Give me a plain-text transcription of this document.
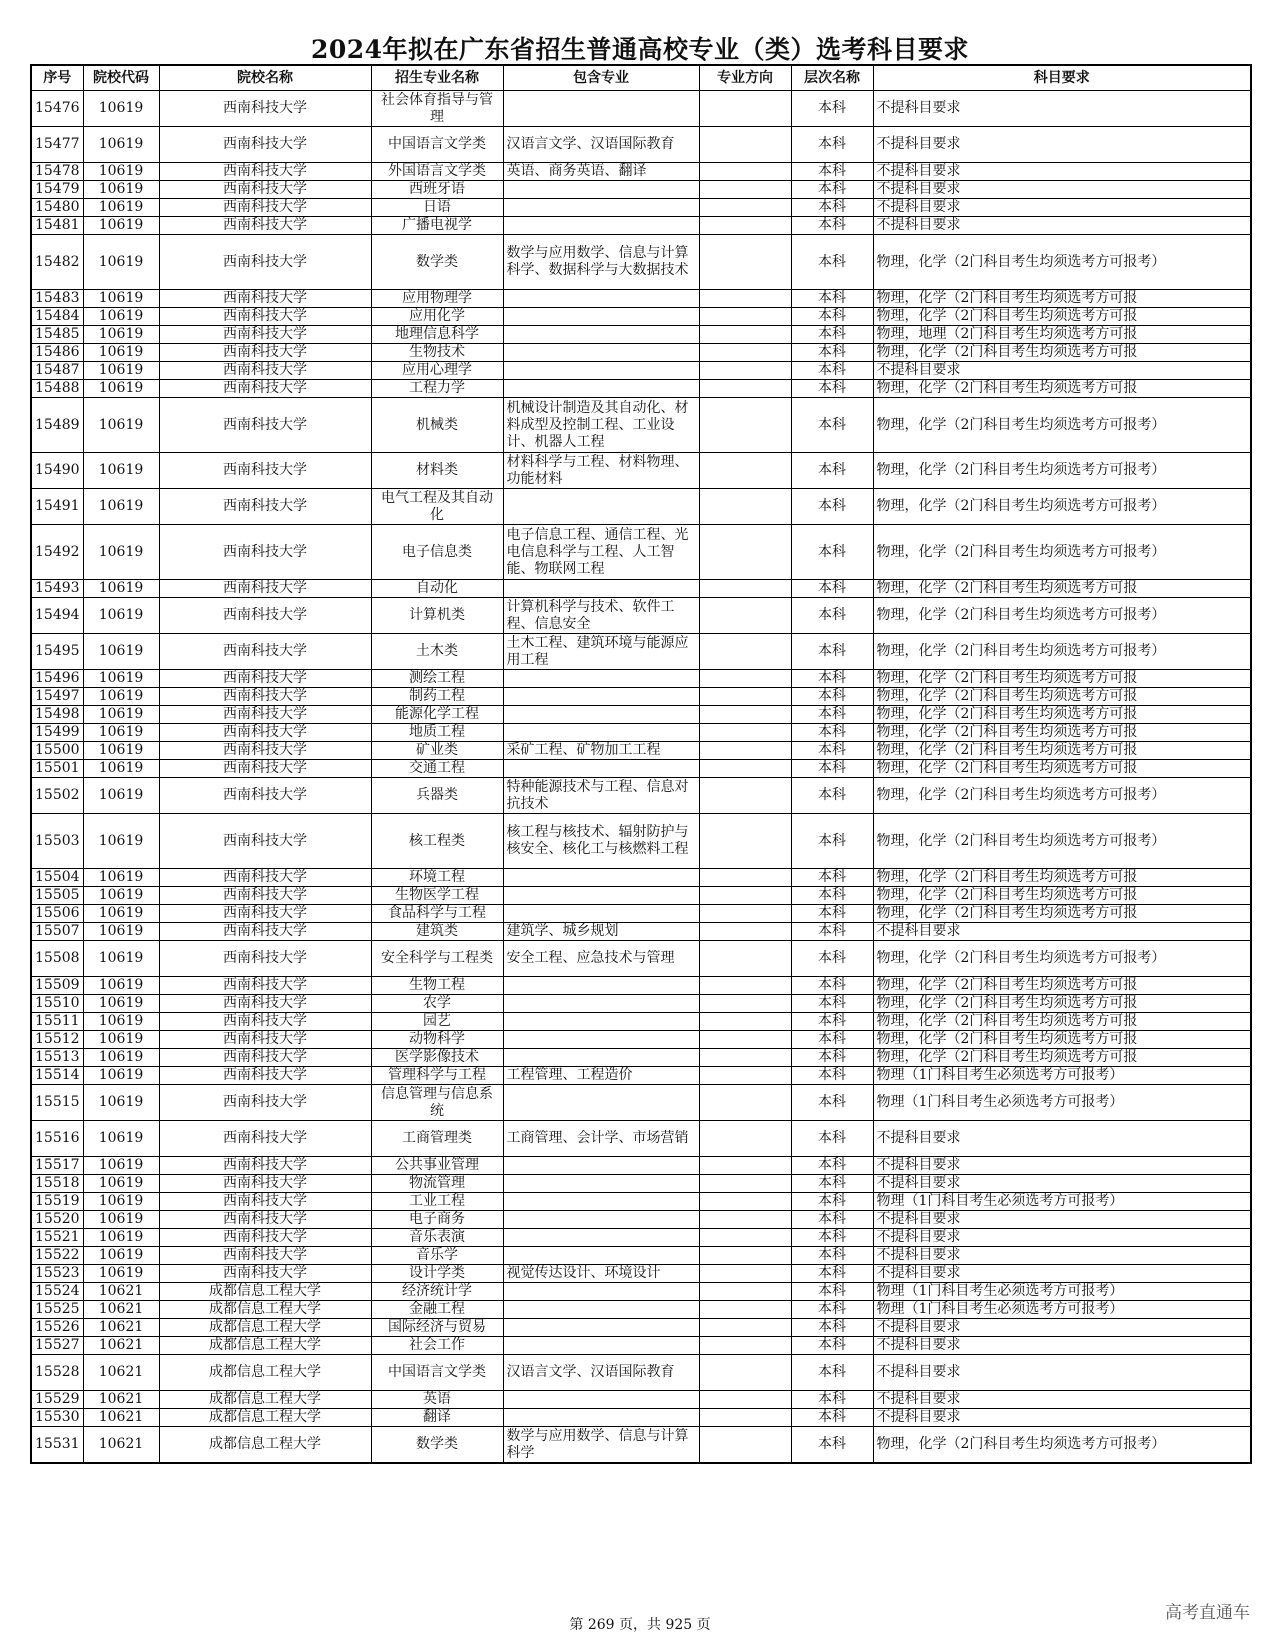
2024年拟在广东省招生普通高校专业（类）选考科目要求
序号	院校代码	院校名称	招生专业名称	包含专业	专业方向	层次名称	科目要求
15476	10619	西南科技大学	社会体育指导与管理			本科	不提科目要求
15477	10619	西南科技大学	中国语言文学类	汉语言文学、汉语国际教育		本科	不提科目要求
15478	10619	西南科技大学	外国语言文学类	英语、商务英语、翻译		本科	不提科目要求
15479	10619	西南科技大学	西班牙语			本科	不提科目要求
15480	10619	西南科技大学	日语			本科	不提科目要求
15481	10619	西南科技大学	广播电视学			本科	不提科目要求
15482	10619	西南科技大学	数学类	数学与应用数学、信息与计算科学、数据科学与大数据技术		本科	物理，化学（2门科目考生均须选考方可报考）
15483	10619	西南科技大学	应用物理学			本科	物理，化学（2门科目考生均须选考方可报
15484	10619	西南科技大学	应用化学			本科	物理，化学（2门科目考生均须选考方可报
15485	10619	西南科技大学	地理信息科学			本科	物理，地理（2门科目考生均须选考方可报
15486	10619	西南科技大学	生物技术			本科	物理，化学（2门科目考生均须选考方可报
15487	10619	西南科技大学	应用心理学			本科	不提科目要求
15488	10619	西南科技大学	工程力学			本科	物理，化学（2门科目考生均须选考方可报
15489	10619	西南科技大学	机械类	机械设计制造及其自动化、材料成型及控制工程、工业设计、机器人工程		本科	物理，化学（2门科目考生均须选考方可报考）
15490	10619	西南科技大学	材料类	材料科学与工程、材料物理、功能材料		本科	物理，化学（2门科目考生均须选考方可报考）
15491	10619	西南科技大学	电气工程及其自动化			本科	物理，化学（2门科目考生均须选考方可报考）
15492	10619	西南科技大学	电子信息类	电子信息工程、通信工程、光电信息科学与工程、人工智能、物联网工程		本科	物理，化学（2门科目考生均须选考方可报考）
15493	10619	西南科技大学	自动化			本科	物理，化学（2门科目考生均须选考方可报
15494	10619	西南科技大学	计算机类	计算机科学与技术、软件工程、信息安全		本科	物理，化学（2门科目考生均须选考方可报考）
15495	10619	西南科技大学	土木类	土木工程、建筑环境与能源应用工程		本科	物理，化学（2门科目考生均须选考方可报考）
15496	10619	西南科技大学	测绘工程			本科	物理，化学（2门科目考生均须选考方可报
15497	10619	西南科技大学	制药工程			本科	物理，化学（2门科目考生均须选考方可报
15498	10619	西南科技大学	能源化学工程			本科	物理，化学（2门科目考生均须选考方可报
15499	10619	西南科技大学	地质工程			本科	物理，化学（2门科目考生均须选考方可报
15500	10619	西南科技大学	矿业类	采矿工程、矿物加工工程		本科	物理，化学（2门科目考生均须选考方可报
15501	10619	西南科技大学	交通工程			本科	物理，化学（2门科目考生均须选考方可报
15502	10619	西南科技大学	兵器类	特种能源技术与工程、信息对抗技术		本科	物理，化学（2门科目考生均须选考方可报考）
15503	10619	西南科技大学	核工程类	核工程与核技术、辐射防护与核安全、核化工与核燃料工程		本科	物理，化学（2门科目考生均须选考方可报考）
15504	10619	西南科技大学	环境工程			本科	物理，化学（2门科目考生均须选考方可报
15505	10619	西南科技大学	生物医学工程			本科	物理，化学（2门科目考生均须选考方可报
15506	10619	西南科技大学	食品科学与工程			本科	物理，化学（2门科目考生均须选考方可报
15507	10619	西南科技大学	建筑类	建筑学、城乡规划		本科	不提科目要求
15508	10619	西南科技大学	安全科学与工程类	安全工程、应急技术与管理		本科	物理，化学（2门科目考生均须选考方可报考）
15509	10619	西南科技大学	生物工程			本科	物理，化学（2门科目考生均须选考方可报
15510	10619	西南科技大学	农学			本科	物理，化学（2门科目考生均须选考方可报
15511	10619	西南科技大学	园艺			本科	物理，化学（2门科目考生均须选考方可报
15512	10619	西南科技大学	动物科学			本科	物理，化学（2门科目考生均须选考方可报
15513	10619	西南科技大学	医学影像技术			本科	物理，化学（2门科目考生均须选考方可报
15514	10619	西南科技大学	管理科学与工程	工程管理、工程造价		本科	物理（1门科目考生必须选考方可报考）
15515	10619	西南科技大学	信息管理与信息系统			本科	物理（1门科目考生必须选考方可报考）
15516	10619	西南科技大学	工商管理类	工商管理、会计学、市场营销		本科	不提科目要求
15517	10619	西南科技大学	公共事业管理			本科	不提科目要求
15518	10619	西南科技大学	物流管理			本科	不提科目要求
15519	10619	西南科技大学	工业工程			本科	物理（1门科目考生必须选考方可报考）
15520	10619	西南科技大学	电子商务			本科	不提科目要求
15521	10619	西南科技大学	音乐表演			本科	不提科目要求
15522	10619	西南科技大学	音乐学			本科	不提科目要求
15523	10619	西南科技大学	设计学类	视觉传达设计、环境设计		本科	不提科目要求
15524	10621	成都信息工程大学	经济统计学			本科	物理（1门科目考生必须选考方可报考）
15525	10621	成都信息工程大学	金融工程			本科	物理（1门科目考生必须选考方可报考）
15526	10621	成都信息工程大学	国际经济与贸易			本科	不提科目要求
15527	10621	成都信息工程大学	社会工作			本科	不提科目要求
15528	10621	成都信息工程大学	中国语言文学类	汉语言文学、汉语国际教育		本科	不提科目要求
15529	10621	成都信息工程大学	英语			本科	不提科目要求
15530	10621	成都信息工程大学	翻译			本科	不提科目要求
15531	10621	成都信息工程大学	数学类	数学与应用数学、信息与计算科学		本科	物理，化学（2门科目考生均须选考方可报考）
第 269 页，共 925 页
高考直通车
